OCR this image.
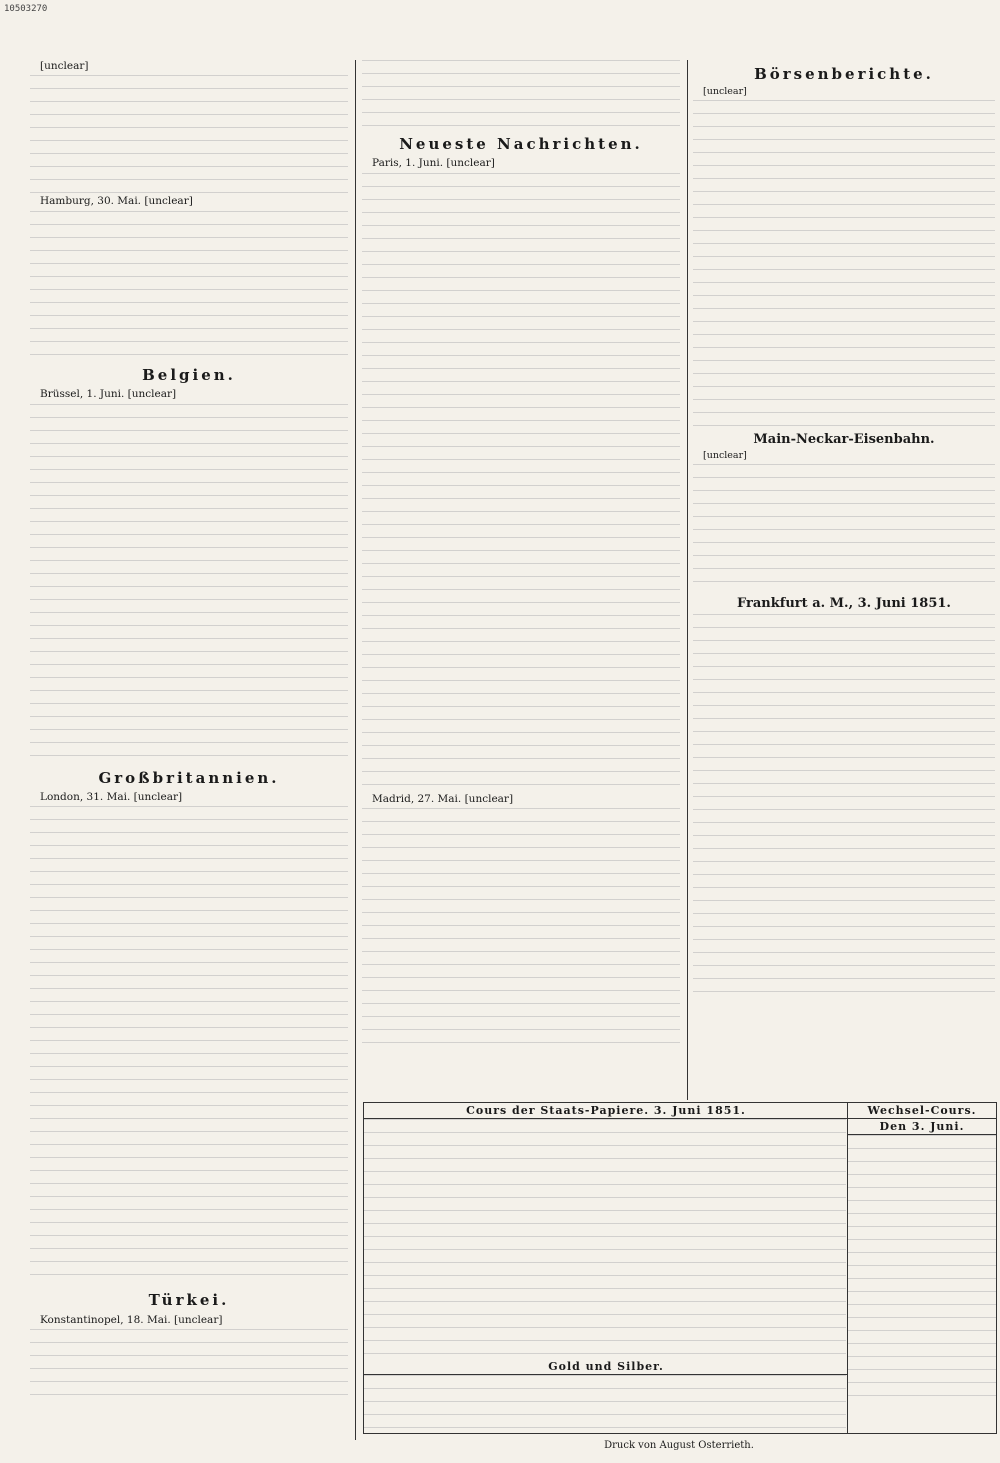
10503270

[unclear]

Hamburg, 30. Mai. [unclear]

Belgien.

Brüssel, 1. Juni. [unclear]

Großbritannien.

London, 31. Mai. [unclear]

Türkei.

Konstantinopel, 18. Mai. [unclear]

Neueste Nachrichten.

Paris, 1. Juni. [unclear]

Madrid, 27. Mai. [unclear]

Börsenberichte.

[unclear]

Main-Neckar-Eisenbahn.

[unclear]

Frankfurt a. M., 3. Juni 1851.
Cours der Staats-Papiere. 3. Juni 1851.
Gold und Silber.
Wechsel-Cours.
Den 3. Juni.
Druck von August Osterrieth.
